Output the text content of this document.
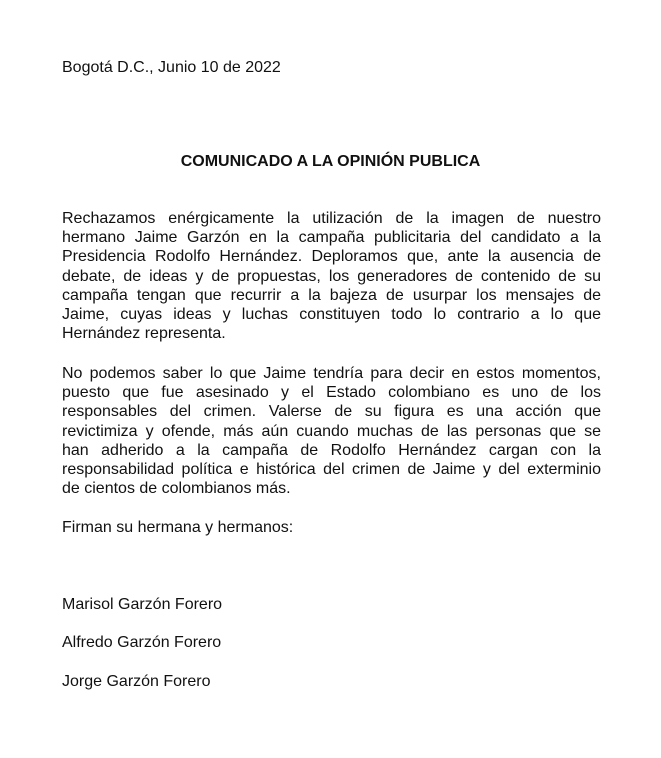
Bogotá D.C., Junio 10 de 2022
COMUNICADO A LA OPINIÓN PUBLICA
Rechazamos enérgicamente la utilización de la imagen de nuestro
hermano Jaime Garzón en la campaña publicitaria del candidato a la
Presidencia Rodolfo Hernández. Deploramos que, ante la ausencia de
debate, de ideas y de propuestas, los generadores de contenido de su
campaña tengan que recurrir a la bajeza de usurpar los mensajes de
Jaime, cuyas ideas y luchas constituyen todo lo contrario a lo que
Hernández representa.
No podemos saber lo que Jaime tendría para decir en estos momentos,
puesto que fue asesinado y el Estado colombiano es uno de los
responsables del crimen. Valerse de su figura es una acción que
revictimiza y ofende, más aún cuando muchas de las personas que se
han adherido a la campaña de Rodolfo Hernández cargan con la
responsabilidad política e histórica del crimen de Jaime y del exterminio
de cientos de colombianos más.
Firman su hermana y hermanos:
Marisol Garzón Forero
Alfredo Garzón Forero
Jorge Garzón Forero
